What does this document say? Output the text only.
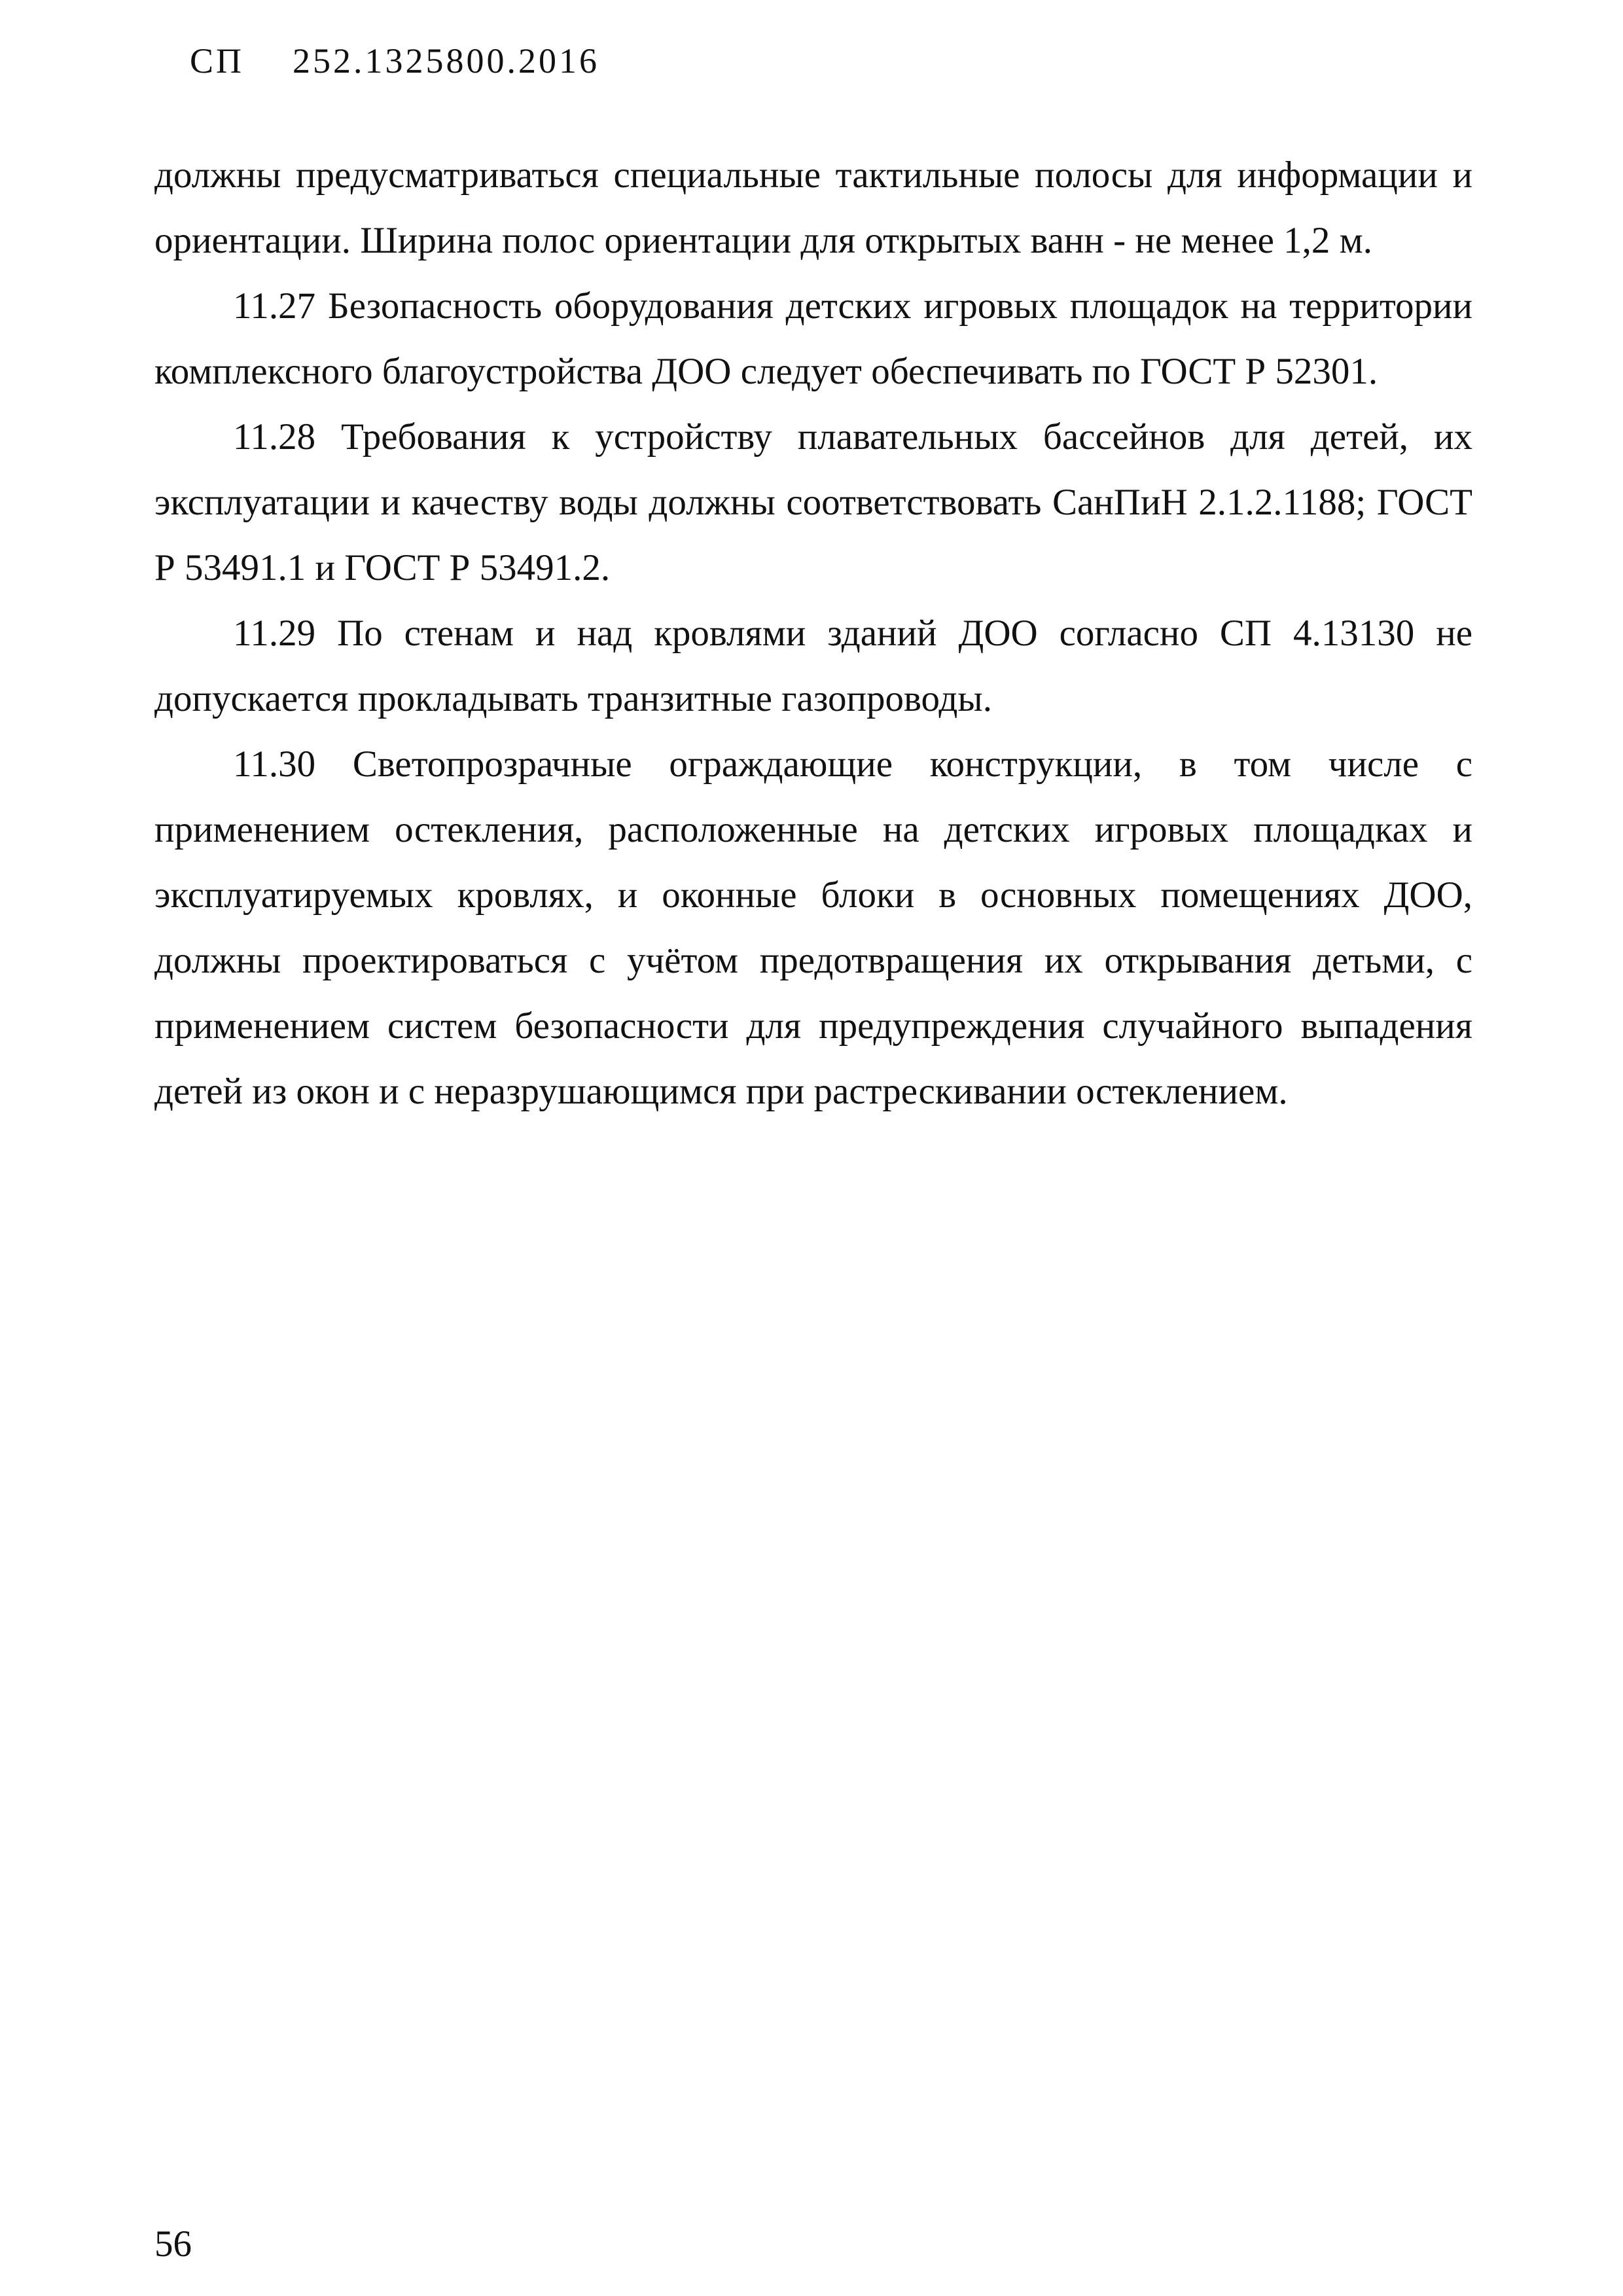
СП 252.1325800.2016

должны предусматриваться специальные тактильные полосы для информации и ориентации. Ширина полос ориентации для открытых ванн - не менее 1,2 м.

11.27 Безопасность оборудования детских игровых площадок на территории комплексного благоустройства ДОО следует обеспечивать по ГОСТ Р 52301.

11.28 Требования к устройству плавательных бассейнов для детей, их эксплуатации и качеству воды должны соответствовать СанПиН 2.1.2.1188; ГОСТ Р 53491.1 и ГОСТ Р 53491.2.

11.29 По стенам и над кровлями зданий ДОО согласно СП 4.13130 не допускается прокладывать транзитные газопроводы.

11.30 Светопрозрачные ограждающие конструкции, в том числе с применением остекления, расположенные на детских игровых площадках и эксплуатируемых кровлях, и оконные блоки в основных помещениях ДОО, должны проектироваться с учётом предотвращения их открывания детьми, с применением систем безопасности для предупреждения случайного выпадения детей из окон и с неразрушающимся при растрескивании остеклением.

56
